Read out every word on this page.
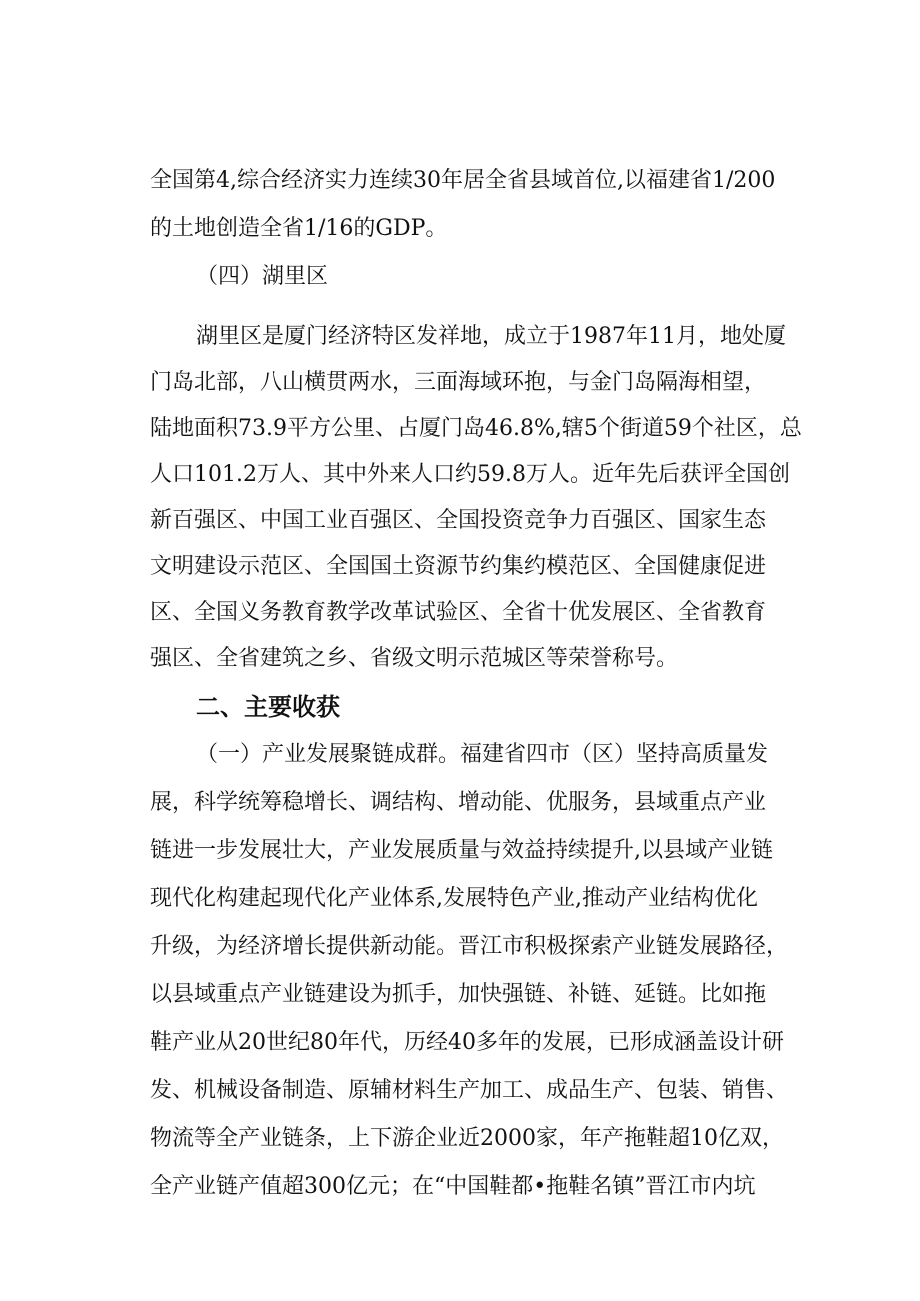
全国第4,综合经济实力连续30年居全省县域首位,以福建省1/200
的土地创造全省1/16的GDP。
（四）湖里区
湖里区是厦门经济特区发祥地，成立于1987年11月，地处厦
门岛北部，八山横贯两水，三面海域环抱，与金门岛隔海相望，
陆地面积73.9平方公里、占厦门岛46.8%,辖5个街道59个社区，总
人口101.2万人、其中外来人口约59.8万人。近年先后获评全国创
新百强区、中国工业百强区、全国投资竞争力百强区、国家生态
文明建设示范区、全国国土资源节约集约模范区、全国健康促进
区、全国义务教育教学改革试验区、全省十优发展区、全省教育
强区、全省建筑之乡、省级文明示范城区等荣誉称号。
二、主要收获
（一）产业发展聚链成群。福建省四市（区）坚持高质量发
展，科学统筹稳增长、调结构、增动能、优服务，县域重点产业
链进一步发展壮大，产业发展质量与效益持续提升,以县域产业链
现代化构建起现代化产业体系,发展特色产业,推动产业结构优化
升级，为经济增长提供新动能。晋江市积极探索产业链发展路径，
以县域重点产业链建设为抓手，加快强链、补链、延链。比如拖
鞋产业从20世纪80年代，历经40多年的发展，已形成涵盖设计研
发、机械设备制造、原辅材料生产加工、成品生产、包装、销售、
物流等全产业链条，上下游企业近2000家，年产拖鞋超10亿双，
全产业链产值超300亿元；在“中国鞋都•拖鞋名镇”晋江市内坑
